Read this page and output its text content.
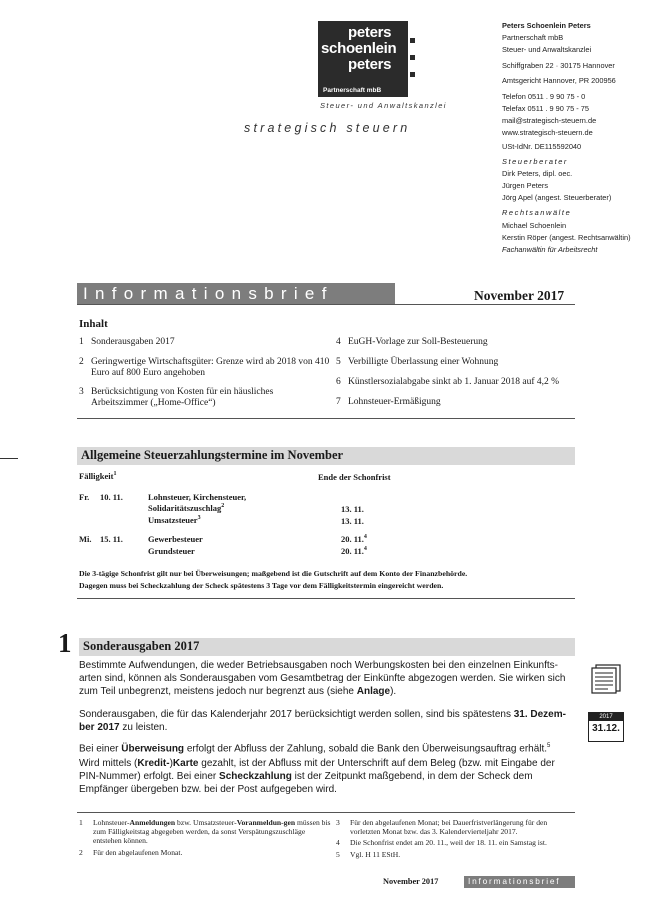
peters
schoenlein
peters
Partnerschaft mbB
Steuer- und Anwaltskanzlei
strategisch steuern
Peters Schoenlein Peters
Partnerschaft mbB
Steuer- und Anwaltskanzlei
Schiffgraben 22 · 30175 Hannover
Amtsgericht Hannover, PR 200956
Telefon 0511 . 9 90 75 - 0
Telefax 0511 . 9 90 75 - 75
mail@strategisch-steuern.de
www.strategisch-steuern.de
USt-IdNr. DE115592040
Steuerberater
Dirk Peters, dipl. oec.
Jürgen Peters
Jörg Apel (angest. Steuerberater)
Rechtsanwälte
Michael Schoenlein
Kerstin Röper (angest. Rechtsanwältin)
Fachanwältin für Arbeitsrecht
Informationsbrief	November 2017
Inhalt
1 Sonderausgaben 2017
2 Geringwertige Wirtschaftsgüter: Grenze wird ab 2018 von 410 Euro auf 800 Euro angehoben
3 Berücksichtigung von Kosten für ein häusliches Arbeitszimmer („Home-Office“)
4 EuGH-Vorlage zur Soll-Besteuerung
5 Verbilligte Überlassung einer Wohnung
6 Künstlersozialabgabe sinkt ab 1. Januar 2018 auf 4,2 %
7 Lohnsteuer-Ermäßigung
Allgemeine Steuerzahlungstermine im November
Fälligkeit$^1$	Ende der Schonfrist
Fr. 10. 11.	Lohnsteuer, Kirchensteuer,
Solidaritätszuschlag$^2$	13. 11.
Umsatzsteuer$^3$	13. 11.
Mi. 15. 11.	Gewerbesteuer	20. 11.$^4$
Grundsteuer	20. 11.$^4$
Die 3-tägige Schonfrist gilt nur bei Überweisungen; maßgebend ist die Gutschrift auf dem Konto der Finanzbehörde.
Dagegen muss bei Scheckzahlung der Scheck spätestens 3 Tage vor dem Fälligkeitstermin eingereicht werden.
1 Sonderausgaben 2017
Bestimmte Aufwendungen, die weder Betriebsausgaben noch Werbungskosten bei den einzelnen Einkunfts-arten sind, können als Sonderausgaben vom Gesamtbetrag der Einkünfte abgezogen werden. Sie wirken sich zum Teil unbegrenzt, meistens jedoch nur begrenzt aus (siehe Anlage).
Sonderausgaben, die für das Kalenderjahr 2017 berücksichtigt werden sollen, sind bis spätestens 31. Dezem-ber 2017 zu leisten.
Bei einer Überweisung erfolgt der Abfluss der Zahlung, sobald die Bank den Überweisungsauftrag erhält.$^5$
Wird mittels (Kredit-)Karte gezahlt, ist der Abfluss mit der Unterschrift auf dem Beleg (bzw. mit Eingabe der PIN-Nummer) erfolgt. Bei einer Scheckzahlung ist der Zeitpunkt maßgebend, in dem der Scheck dem Empfänger übergeben bzw. bei der Post aufgegeben wird.
2017
31.12.
1 Lohnsteuer-Anmeldungen bzw. Umsatzsteuer-Voranmeldun-gen müssen bis zum Fälligkeitstag abgegeben werden, da sonst Verspätungszuschläge entstehen können.
2 Für den abgelaufenen Monat.
3 Für den abgelaufenen Monat; bei Dauerfristverlängerung für den vorletzten Monat bzw. das 3. Kalendervierteljahr 2017.
4 Die Schonfrist endet am 20. 11., weil der 18. 11. ein Samstag ist.
5 Vgl. H 11 EStH.
November 2017	Informationsbrief
